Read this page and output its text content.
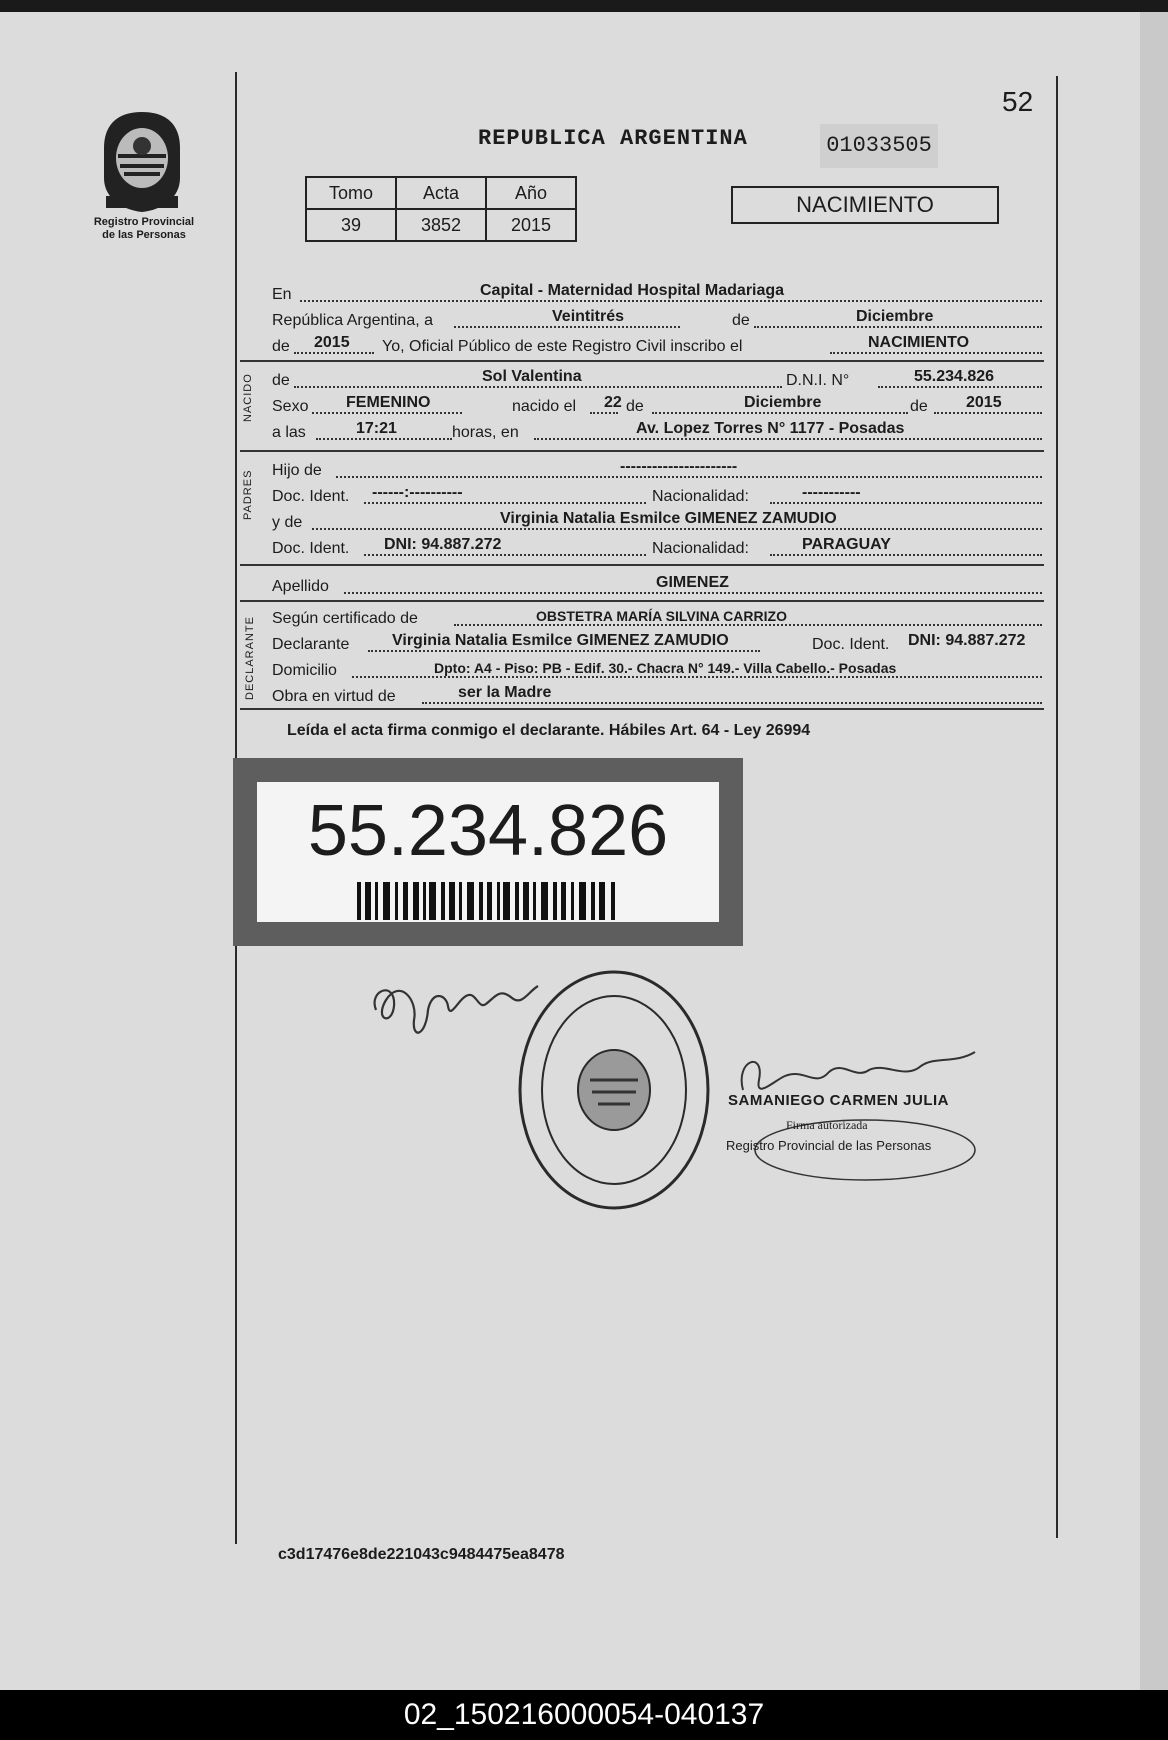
Registro Provincial
de las Personas
52
REPUBLICA ARGENTINA	01033505
Tomo	Acta	Año
39	3852	2015
NACIMIENTO
En	Capital - Maternidad Hospital Madariaga
República Argentina, a	Veintitrés	de	Diciembre
de 2015 Yo, Oficial Público de este Registro Civil inscribo el	NACIMIENTO
NACIDO de	Sol Valentina	D.N.I. N°	55.234.826
Sexo FEMENINO	nacido el 22 de	Diciembre	de 2015
a las	17:21	horas, en	Av. Lopez Torres N° 1177 - Posadas
PADRES Hijo de	----------------------
Doc. Ident. ------:----------	Nacionalidad:	-----------
y de	Virginia Natalia Esmilce GIMENEZ ZAMUDIO
Doc. Ident. DNI: 94.887.272	Nacionalidad:	PARAGUAY
Apellido	GIMENEZ
DECLARANTE Según certificado de	OBSTETRA MARÍA SILVINA CARRIZO
Declarante	Virginia Natalia Esmilce GIMENEZ ZAMUDIO	Doc. Ident. DNI: 94.887.272
Domicilio	Dpto: A4 - Piso: PB - Edif. 30.- Chacra N° 149.- Villa Cabello.- Posadas
Obra en virtud de	ser la Madre
Leída el acta firma conmigo el declarante. Hábiles Art. 64 - Ley 26994
55.234.826
SAMANIEGO CARMEN JULIA
Firma autorizada
Registro Provincial de las Personas
c3d17476e8de221043c9484475ea8478
02_150216000054-040137
